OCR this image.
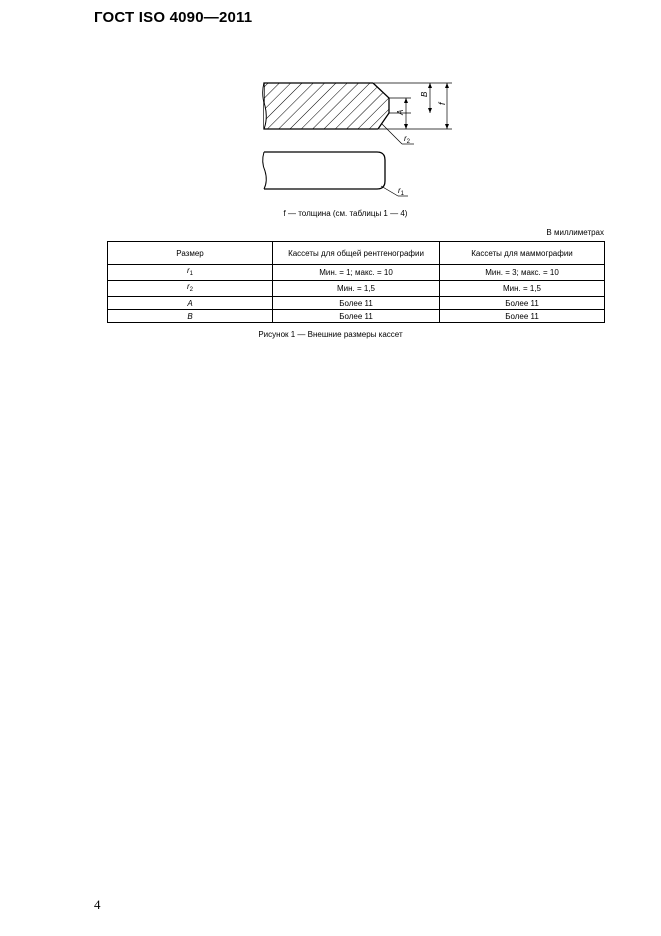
ГОСТ ISO 4090—2011
A
B
f
$r_2$
$r_1$
f — толщина (см. таблицы 1 — 4)
В миллиметрах
Размер	Кассеты для общей рентгенографии	Кассеты для маммографии
$r_1$	Мин. = 1; макс. = 10	Мин. = 3; макс. = 10
$r_2$	Мин. = 1,5	Мин. = 1,5
A	Более 11	Более 11
B	Более 11	Более 11
Рисунок 1 — Внешние размеры кассет
4
